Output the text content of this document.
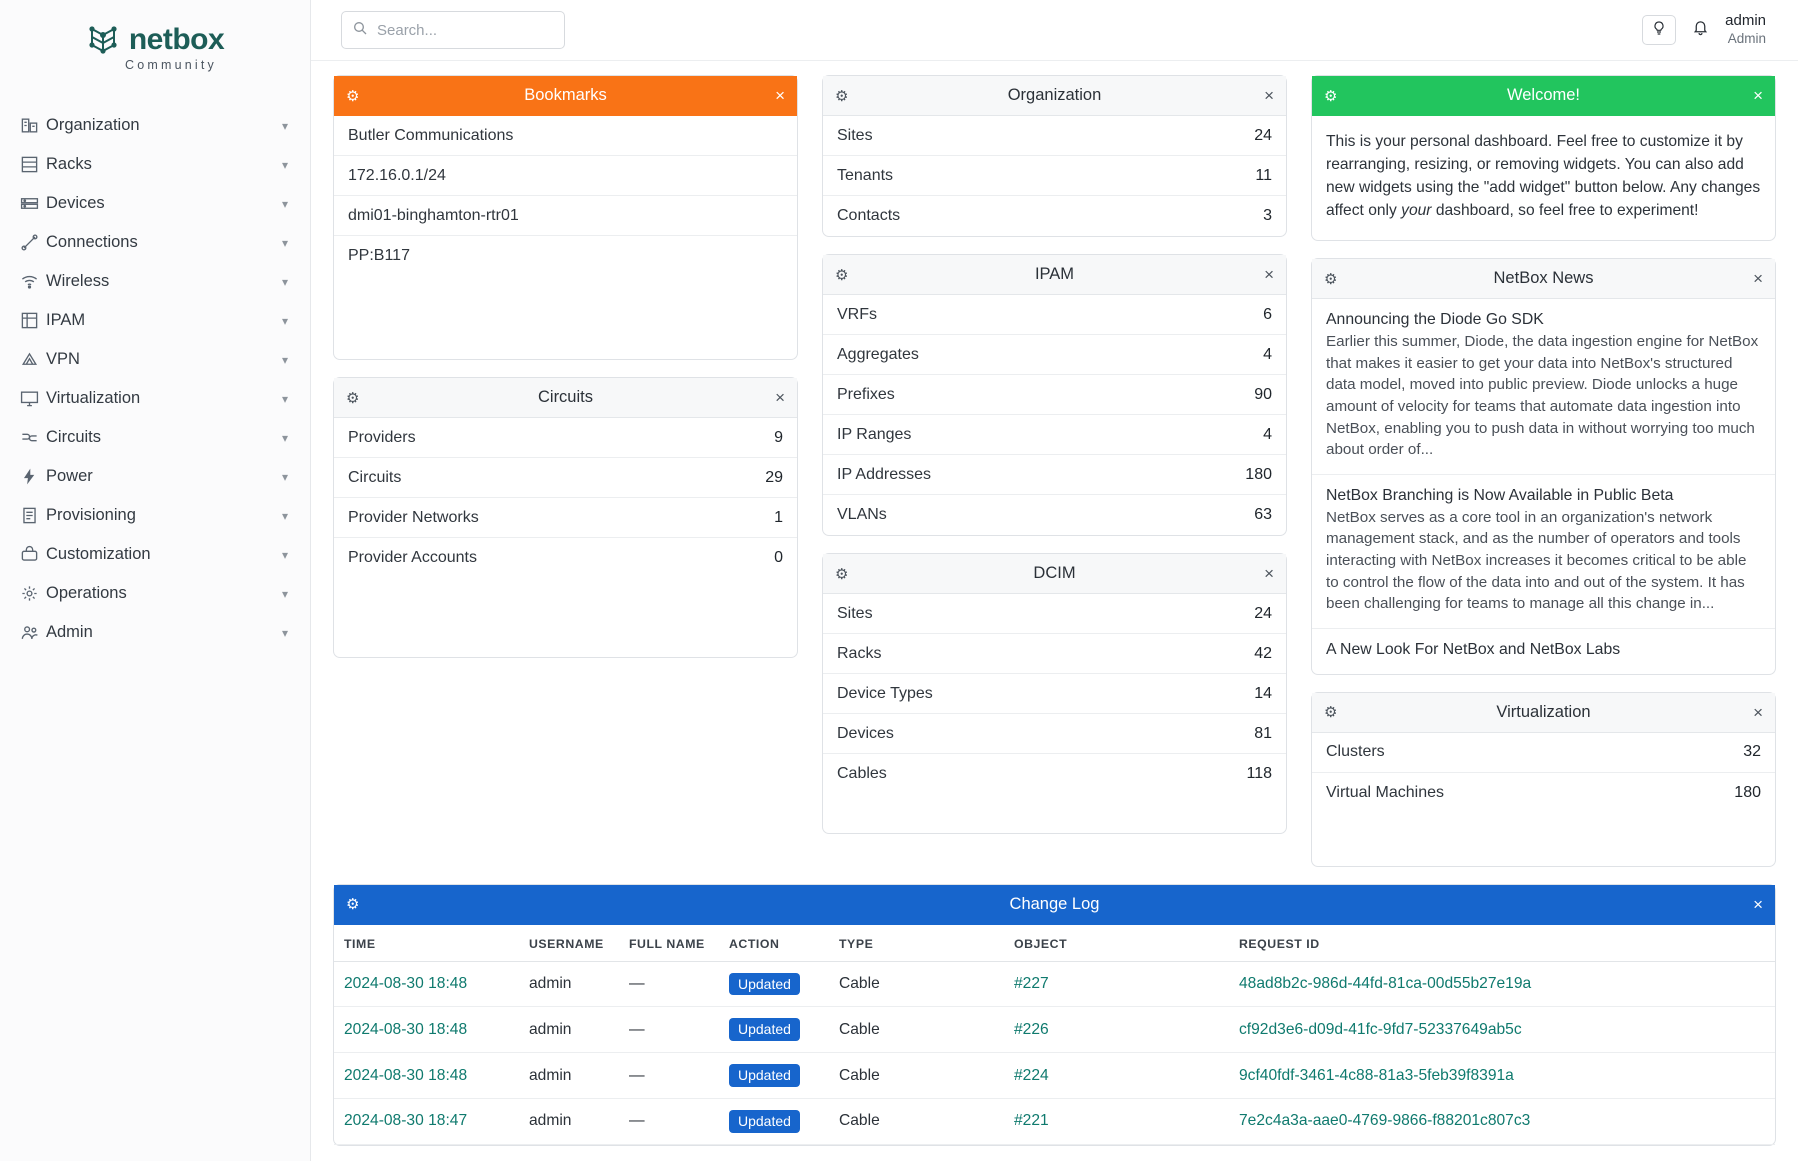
netbox
Community
Organization	▾
Racks	▾
Devices	▾
Connections	▾
Wireless	▾
IPAM	▾
VPN	▾
Virtualization	▾
Circuits	▾
Power	▾
Provisioning	▾
Customization	▾
Operations	▾
Admin	▾
Search...
admin
Admin
⚙	Bookmarks	×
Butler Communications
172.16.0.1/24
dmi01-binghamton-rtr01
PP:B117
⚙	Circuits	×
Providers	9
Circuits	29
Provider Networks	1
Provider Accounts	0
⚙	Organization	×
Sites	24
Tenants	11
Contacts	3
⚙	IPAM	×
VRFs	6
Aggregates	4
Prefixes	90
IP Ranges	4
IP Addresses	180
VLANs	63
⚙	DCIM	×
Sites	24
Racks	42
Device Types	14
Devices	81
Cables	118
⚙	Welcome!	×
This is your personal dashboard. Feel free to customize it by rearranging, resizing, or removing widgets. You can also add new widgets using the "add widget" button below. Any changes affect only your dashboard, so feel free to experiment!
⚙	NetBox News	×
Announcing the Diode Go SDK
Earlier this summer, Diode, the data ingestion engine for NetBox that makes it easier to get your data into NetBox's structured data model, moved into public preview. Diode unlocks a huge amount of velocity for teams that automate data ingestion into NetBox, enabling you to push data in without worrying too much about order of...
NetBox Branching is Now Available in Public Beta
NetBox serves as a core tool in an organization's network management stack, and as the number of operators and tools interacting with NetBox increases it becomes critical to be able to control the flow of the data into and out of the system. It has been challenging for teams to manage all this change in...
A New Look For NetBox and NetBox Labs
⚙	Virtualization	×
Clusters	32
Virtual Machines	180
⚙	Change Log	×
TIME	USERNAME	FULL NAME	ACTION	TYPE	OBJECT	REQUEST ID
2024-08-30 18:48	admin	—	Updated	Cable	#227	48ad8b2c-986d-44fd-81ca-00d55b27e19a
2024-08-30 18:48	admin	—	Updated	Cable	#226	cf92d3e6-d09d-41fc-9fd7-52337649ab5c
2024-08-30 18:48	admin	—	Updated	Cable	#224	9cf40fdf-3461-4c88-81a3-5feb39f8391a
2024-08-30 18:47	admin	—	Updated	Cable	#221	7e2c4a3a-aae0-4769-9866-f88201c807c3
